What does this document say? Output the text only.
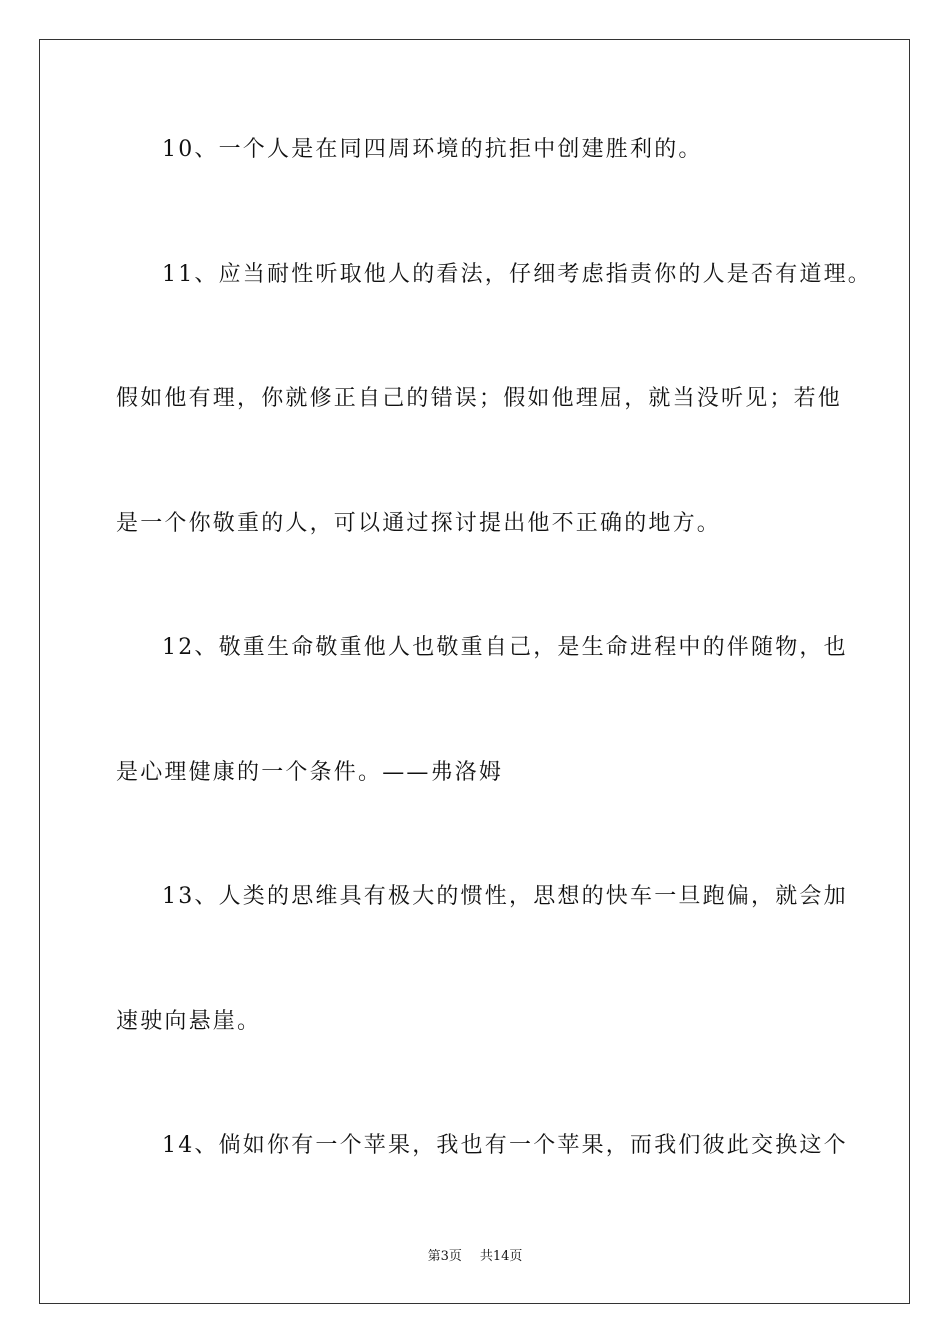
10、一个人是在同四周环境的抗拒中创建胜利的。
11、应当耐性听取他人的看法，仔细考虑指责你的人是否有道理。
假如他有理，你就修正自己的错误；假如他理屈，就当没听见；若他
是一个你敬重的人，可以通过探讨提出他不正确的地方。
12、敬重生命敬重他人也敬重自己，是生命进程中的伴随物，也
是心理健康的一个条件。——弗洛姆
13、人类的思维具有极大的惯性，思想的快车一旦跑偏，就会加
速驶向悬崖。
14、倘如你有一个苹果，我也有一个苹果，而我们彼此交换这个
第3页 共14页
